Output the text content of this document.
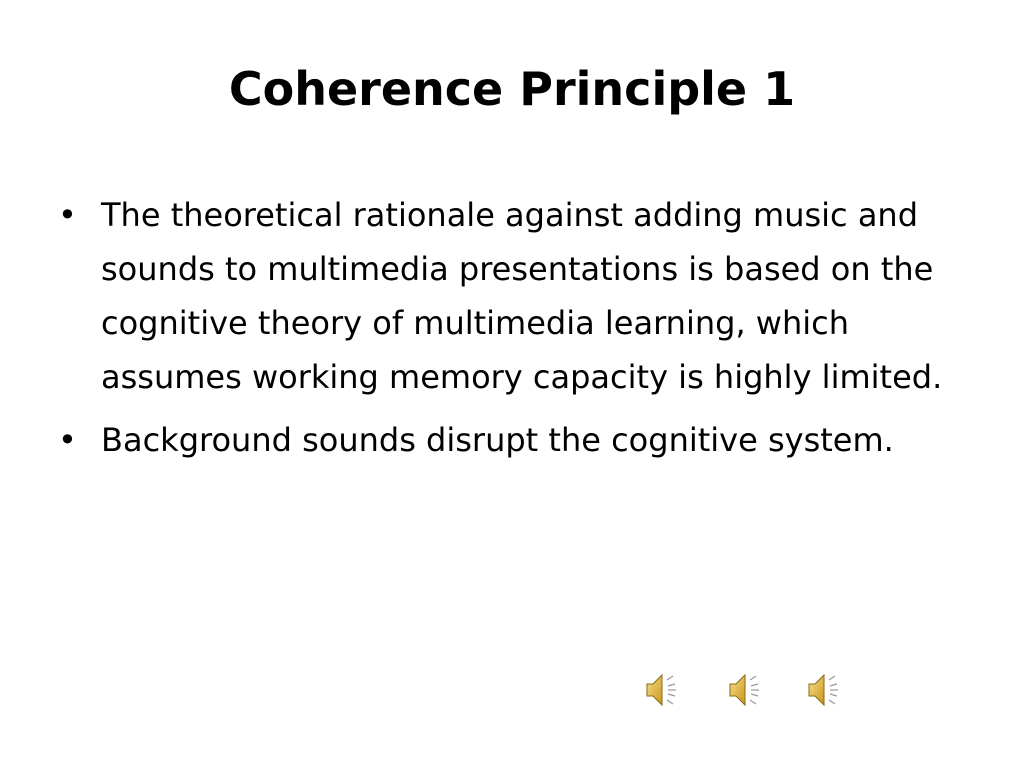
Coherence Principle 1
• The theoretical rationale against adding music and sounds to multimedia presentations is based on the cognitive theory of multimedia learning, which assumes working memory capacity is highly limited.
• Background sounds disrupt the cognitive system.
